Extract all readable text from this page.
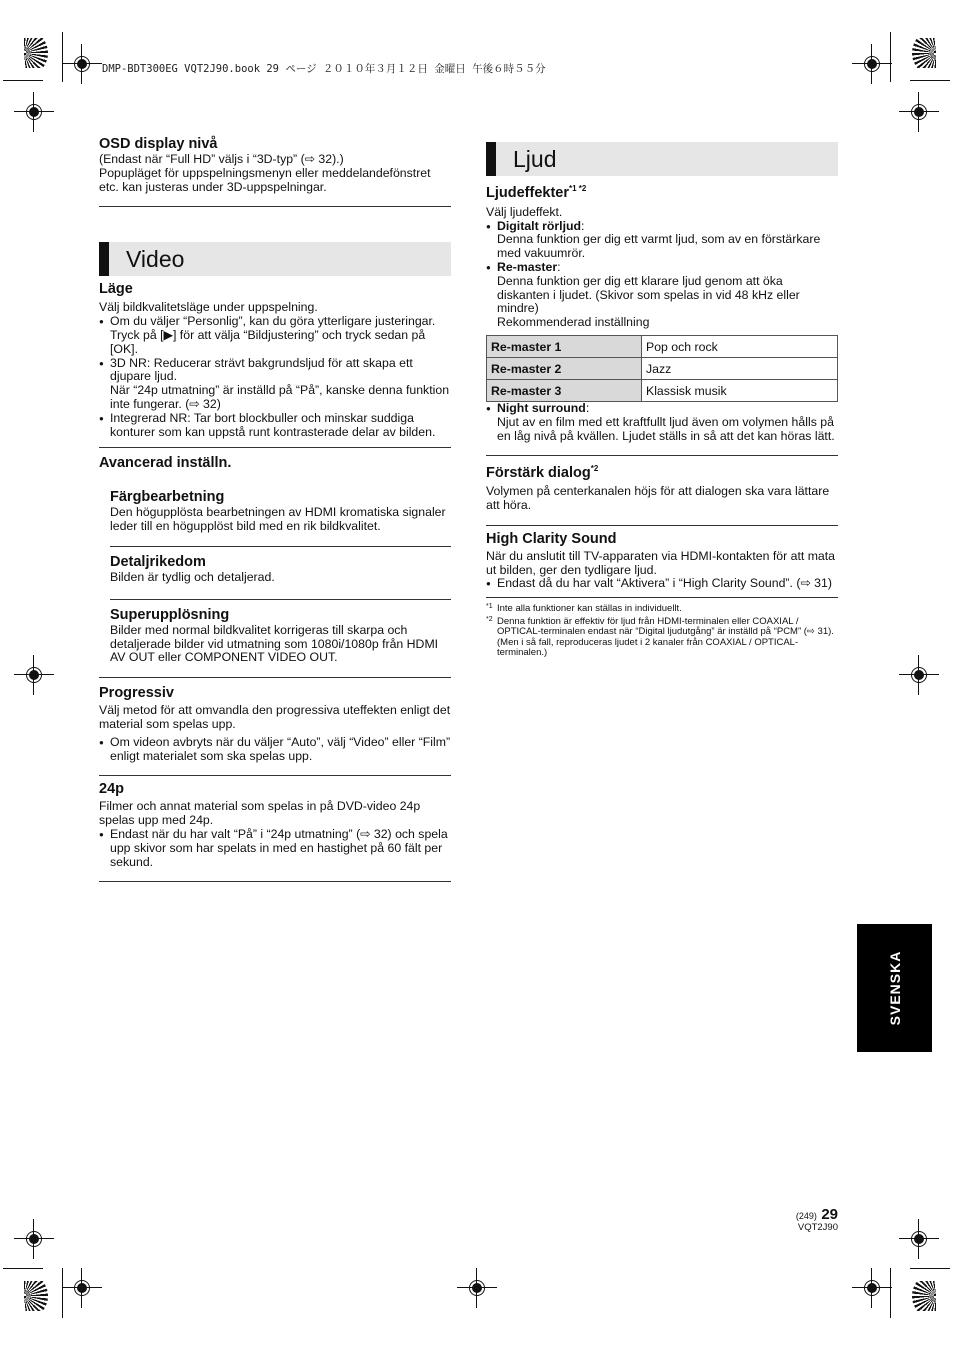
DMP-BDT300EG VQT2J90.book 29 ページ ２０１０年３月１２日 金曜日 午後６時５５分
OSD display nivå
(Endast när “Full HD” väljs i “3D-typ” (⇨ 32).)
Popupläget för uppspelningsmenyn eller meddelandefönstret etc. kan justeras under 3D-uppspelningar.
Video
Läge
Välj bildkvalitetsläge under uppspelning.
● Om du väljer “Personlig”, kan du göra ytterligare justeringar. Tryck på [▶] för att välja “Bildjustering” och tryck sedan på [OK].
● 3D NR: Reducerar strävt bakgrundsljud för att skapa ett djupare ljud.
När “24p utmatning” är inställd på “På”, kanske denna funktion inte fungerar. (⇨ 32)
● Integrerad NR: Tar bort blockbuller och minskar suddiga konturer som kan uppstå runt kontrasterade delar av bilden.
Avancerad inställn.
Färgbearbetning
Den högupplösta bearbetningen av HDMI kromatiska signaler leder till en högupplöst bild med en rik bildkvalitet.
Detaljrikedom
Bilden är tydlig och detaljerad.
Superupplösning
Bilder med normal bildkvalitet korrigeras till skarpa och detaljerade bilder vid utmatning som 1080i/1080p från HDMI AV OUT eller COMPONENT VIDEO OUT.
Progressiv
Välj metod för att omvandla den progressiva uteffekten enligt det material som spelas upp.
● Om videon avbryts när du väljer “Auto”, välj “Video” eller “Film” enligt materialet som ska spelas upp.
24p
Filmer och annat material som spelas in på DVD-video 24p spelas upp med 24p.
● Endast när du har valt “På” i “24p utmatning” (⇨ 32) och spela upp skivor som har spelats in med en hastighet på 60 fält per sekund.
Ljud
Ljudeffekter$^{*1 *2}$
Välj ljudeffekt.
● Digitalt rörljud:
Denna funktion ger dig ett varmt ljud, som av en förstärkare med vakuumrör.
● Re-master:
Denna funktion ger dig ett klarare ljud genom att öka diskanten i ljudet. (Skivor som spelas in vid 48 kHz eller mindre)
Rekommenderad inställning
Re-master 1	Pop och rock
Re-master 2	Jazz
Re-master 3	Klassisk musik
● Night surround:
Njut av en film med ett kraftfullt ljud även om volymen hålls på en låg nivå på kvällen. Ljudet ställs in så att det kan höras lätt.
Förstärk dialog$^{*2}$
Volymen på centerkanalen höjs för att dialogen ska vara lättare att höra.
High Clarity Sound
När du anslutit till TV-apparaten via HDMI-kontakten för att mata ut bilden, ger den tydligare ljud.
● Endast då du har valt “Aktivera” i “High Clarity Sound”. (⇨ 31)
*1 Inte alla funktioner kan ställas in individuellt.
*2 Denna funktion är effektiv för ljud från HDMI-terminalen eller COAXIAL / OPTICAL-terminalen endast när “Digital ljudutgång” är inställd på “PCM” (⇨ 31). (Men i så fall, reproduceras ljudet i 2 kanaler från COAXIAL / OPTICAL-terminalen.)
SVENSKA
(249) 29
VQT2J90
